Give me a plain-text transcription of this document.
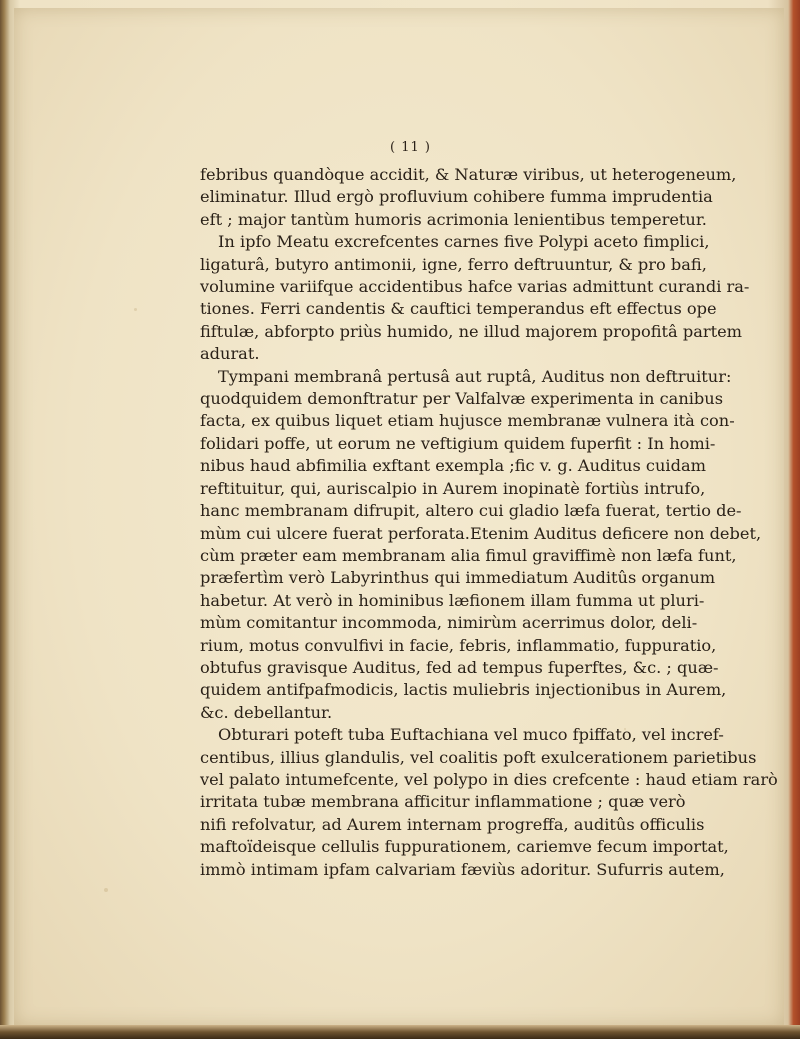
( 11 )
febribus quandòque accidit, & Naturæ viribus, ut heterogeneum,
eliminatur. Illud ergò profluvium cohibere fumma imprudentia
eft ; major tantùm humoris acrimonia lenientibus temperetur.
In ipfo Meatu excrefcentes carnes five Polypi aceto fimplici,
ligaturâ, butyro antimonii, igne, ferro deftruuntur, & pro bafi,
volumine variifque accidentibus hafce varias admittunt curandi ra-
tiones. Ferri candentis & cauftici temperandus eft effectus ope
fiftulæ, abforpto priùs humido, ne illud majorem propofitâ partem
adurat.
Tympani membranâ pertusâ aut ruptâ, Auditus non deftruitur:
quodquidem demonftratur per Valfalvæ experimenta in canibus
facta, ex quibus liquet etiam hujusce membranæ vulnera ità con-
folidari poffe, ut eorum ne veftigium quidem fuperfit : In homi-
nibus haud abfimilia exftant exempla ;fic v. g. Auditus cuidam
reftituitur, qui, auriscalpio in Aurem inopinatè fortiùs intrufo,
hanc membranam difrupit, altero cui gladio læfa fuerat, tertio de-
mùm cui ulcere fuerat perforata.Etenim Auditus deficere non debet,
cùm præter eam membranam alia fimul graviffimè non læfa funt,
præfertìm verò Labyrinthus qui immediatum Auditûs organum
habetur. At verò in hominibus læfionem illam fumma ut pluri-
mùm comitantur incommoda, nimirùm acerrimus dolor, deli-
rium, motus convulfivi in facie, febris, inflammatio, fuppuratio,
obtufus gravisque Auditus, fed ad tempus fuperftes, &c. ; quæ-
quidem antifpafmodicis, lactis muliebris injectionibus in Aurem,
&c. debellantur.
Obturari poteft tuba Euftachiana vel muco fpiffato, vel incref-
centibus, illius glandulis, vel coalitis poft exulcerationem parietibus
vel palato intumefcente, vel polypo in dies crefcente : haud etiam rarò
irritata tubæ membrana afficitur inflammatione ; quæ verò
nifi refolvatur, ad Aurem internam progreffa, auditûs officulis
maftoïdeisque cellulis fuppurationem, cariemve fecum importat,
immò intimam ipfam calvariam fæviùs adoritur. Sufurris autem,
